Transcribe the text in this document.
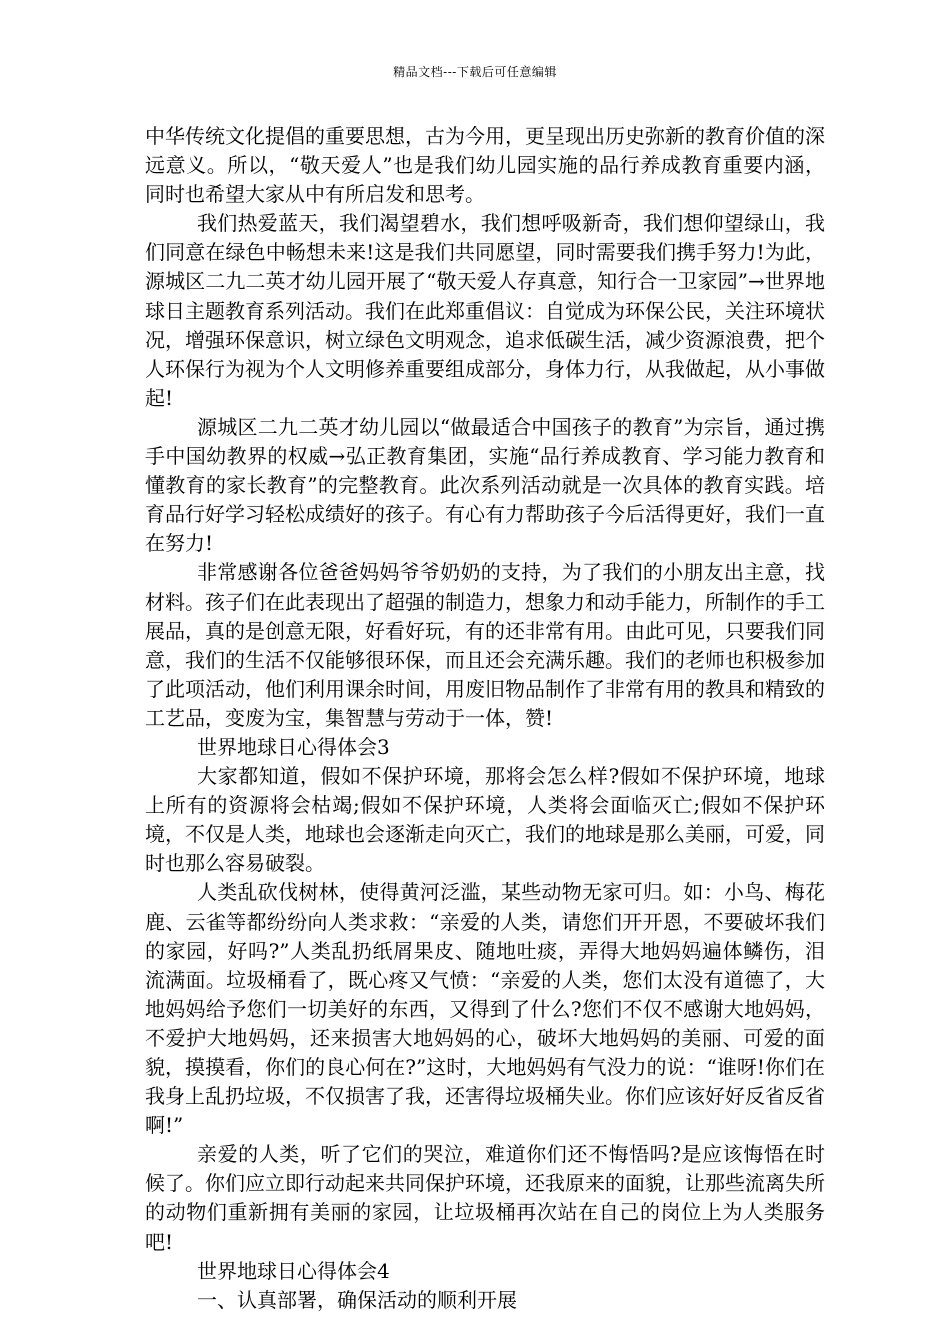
精品文档---下载后可任意编辑

中华传统文化提倡的重要思想，古为今用，更呈现出历史弥新的教育价值的深远意义。所以，“敬天爱人”也是我们幼儿园实施的品行养成教育重要内涵，同时也希望大家从中有所启发和思考。

我们热爱蓝天，我们渴望碧水，我们想呼吸新奇，我们想仰望绿山，我们同意在绿色中畅想未来!这是我们共同愿望，同时需要我们携手努力!为此，源城区二九二英才幼儿园开展了“敬天爱人存真意，知行合一卫家园”→世界地球日主题教育系列活动。我们在此郑重倡议：自觉成为环保公民，关注环境状况，增强环保意识，树立绿色文明观念，追求低碳生活，减少资源浪费，把个人环保行为视为个人文明修养重要组成部分，身体力行，从我做起，从小事做起!

源城区二九二英才幼儿园以“做最适合中国孩子的教育”为宗旨，通过携手中国幼教界的权威→弘正教育集团，实施“品行养成教育、学习能力教育和懂教育的家长教育”的完整教育。此次系列活动就是一次具体的教育实践。培育品行好学习轻松成绩好的孩子。有心有力帮助孩子今后活得更好，我们一直在努力!

非常感谢各位爸爸妈妈爷爷奶奶的支持，为了我们的小朋友出主意，找材料。孩子们在此表现出了超强的制造力，想象力和动手能力，所制作的手工展品，真的是创意无限，好看好玩，有的还非常有用。由此可见，只要我们同意，我们的生活不仅能够很环保，而且还会充满乐趣。我们的老师也积极参加了此项活动，他们利用课余时间，用废旧物品制作了非常有用的教具和精致的工艺品，变废为宝，集智慧与劳动于一体，赞!

世界地球日心得体会3

大家都知道，假如不保护环境，那将会怎么样?假如不保护环境，地球上所有的资源将会枯竭;假如不保护环境，人类将会面临灭亡;假如不保护环境，不仅是人类，地球也会逐渐走向灭亡，我们的地球是那么美丽，可爱，同时也那么容易破裂。

人类乱砍伐树林，使得黄河泛滥，某些动物无家可归。如：小鸟、梅花鹿、云雀等都纷纷向人类求救：“亲爱的人类，请您们开开恩，不要破坏我们的家园，好吗?”人类乱扔纸屑果皮、随地吐痰，弄得大地妈妈遍体鳞伤，泪流满面。垃圾桶看了，既心疼又气愤：“亲爱的人类，您们太没有道德了，大地妈妈给予您们一切美好的东西，又得到了什么?您们不仅不感谢大地妈妈，不爱护大地妈妈，还来损害大地妈妈的心，破坏大地妈妈的美丽、可爱的面貌，摸摸看，你们的良心何在?”这时，大地妈妈有气没力的说：“谁呀!你们在我身上乱扔垃圾，不仅损害了我，还害得垃圾桶失业。你们应该好好反省反省啊!”

亲爱的人类，听了它们的哭泣，难道你们还不悔悟吗?是应该悔悟在时候了。你们应立即行动起来共同保护环境，还我原来的面貌，让那些流离失所的动物们重新拥有美丽的家园，让垃圾桶再次站在自己的岗位上为人类服务吧!

世界地球日心得体会4

一、认真部署，确保活动的顺利开展
